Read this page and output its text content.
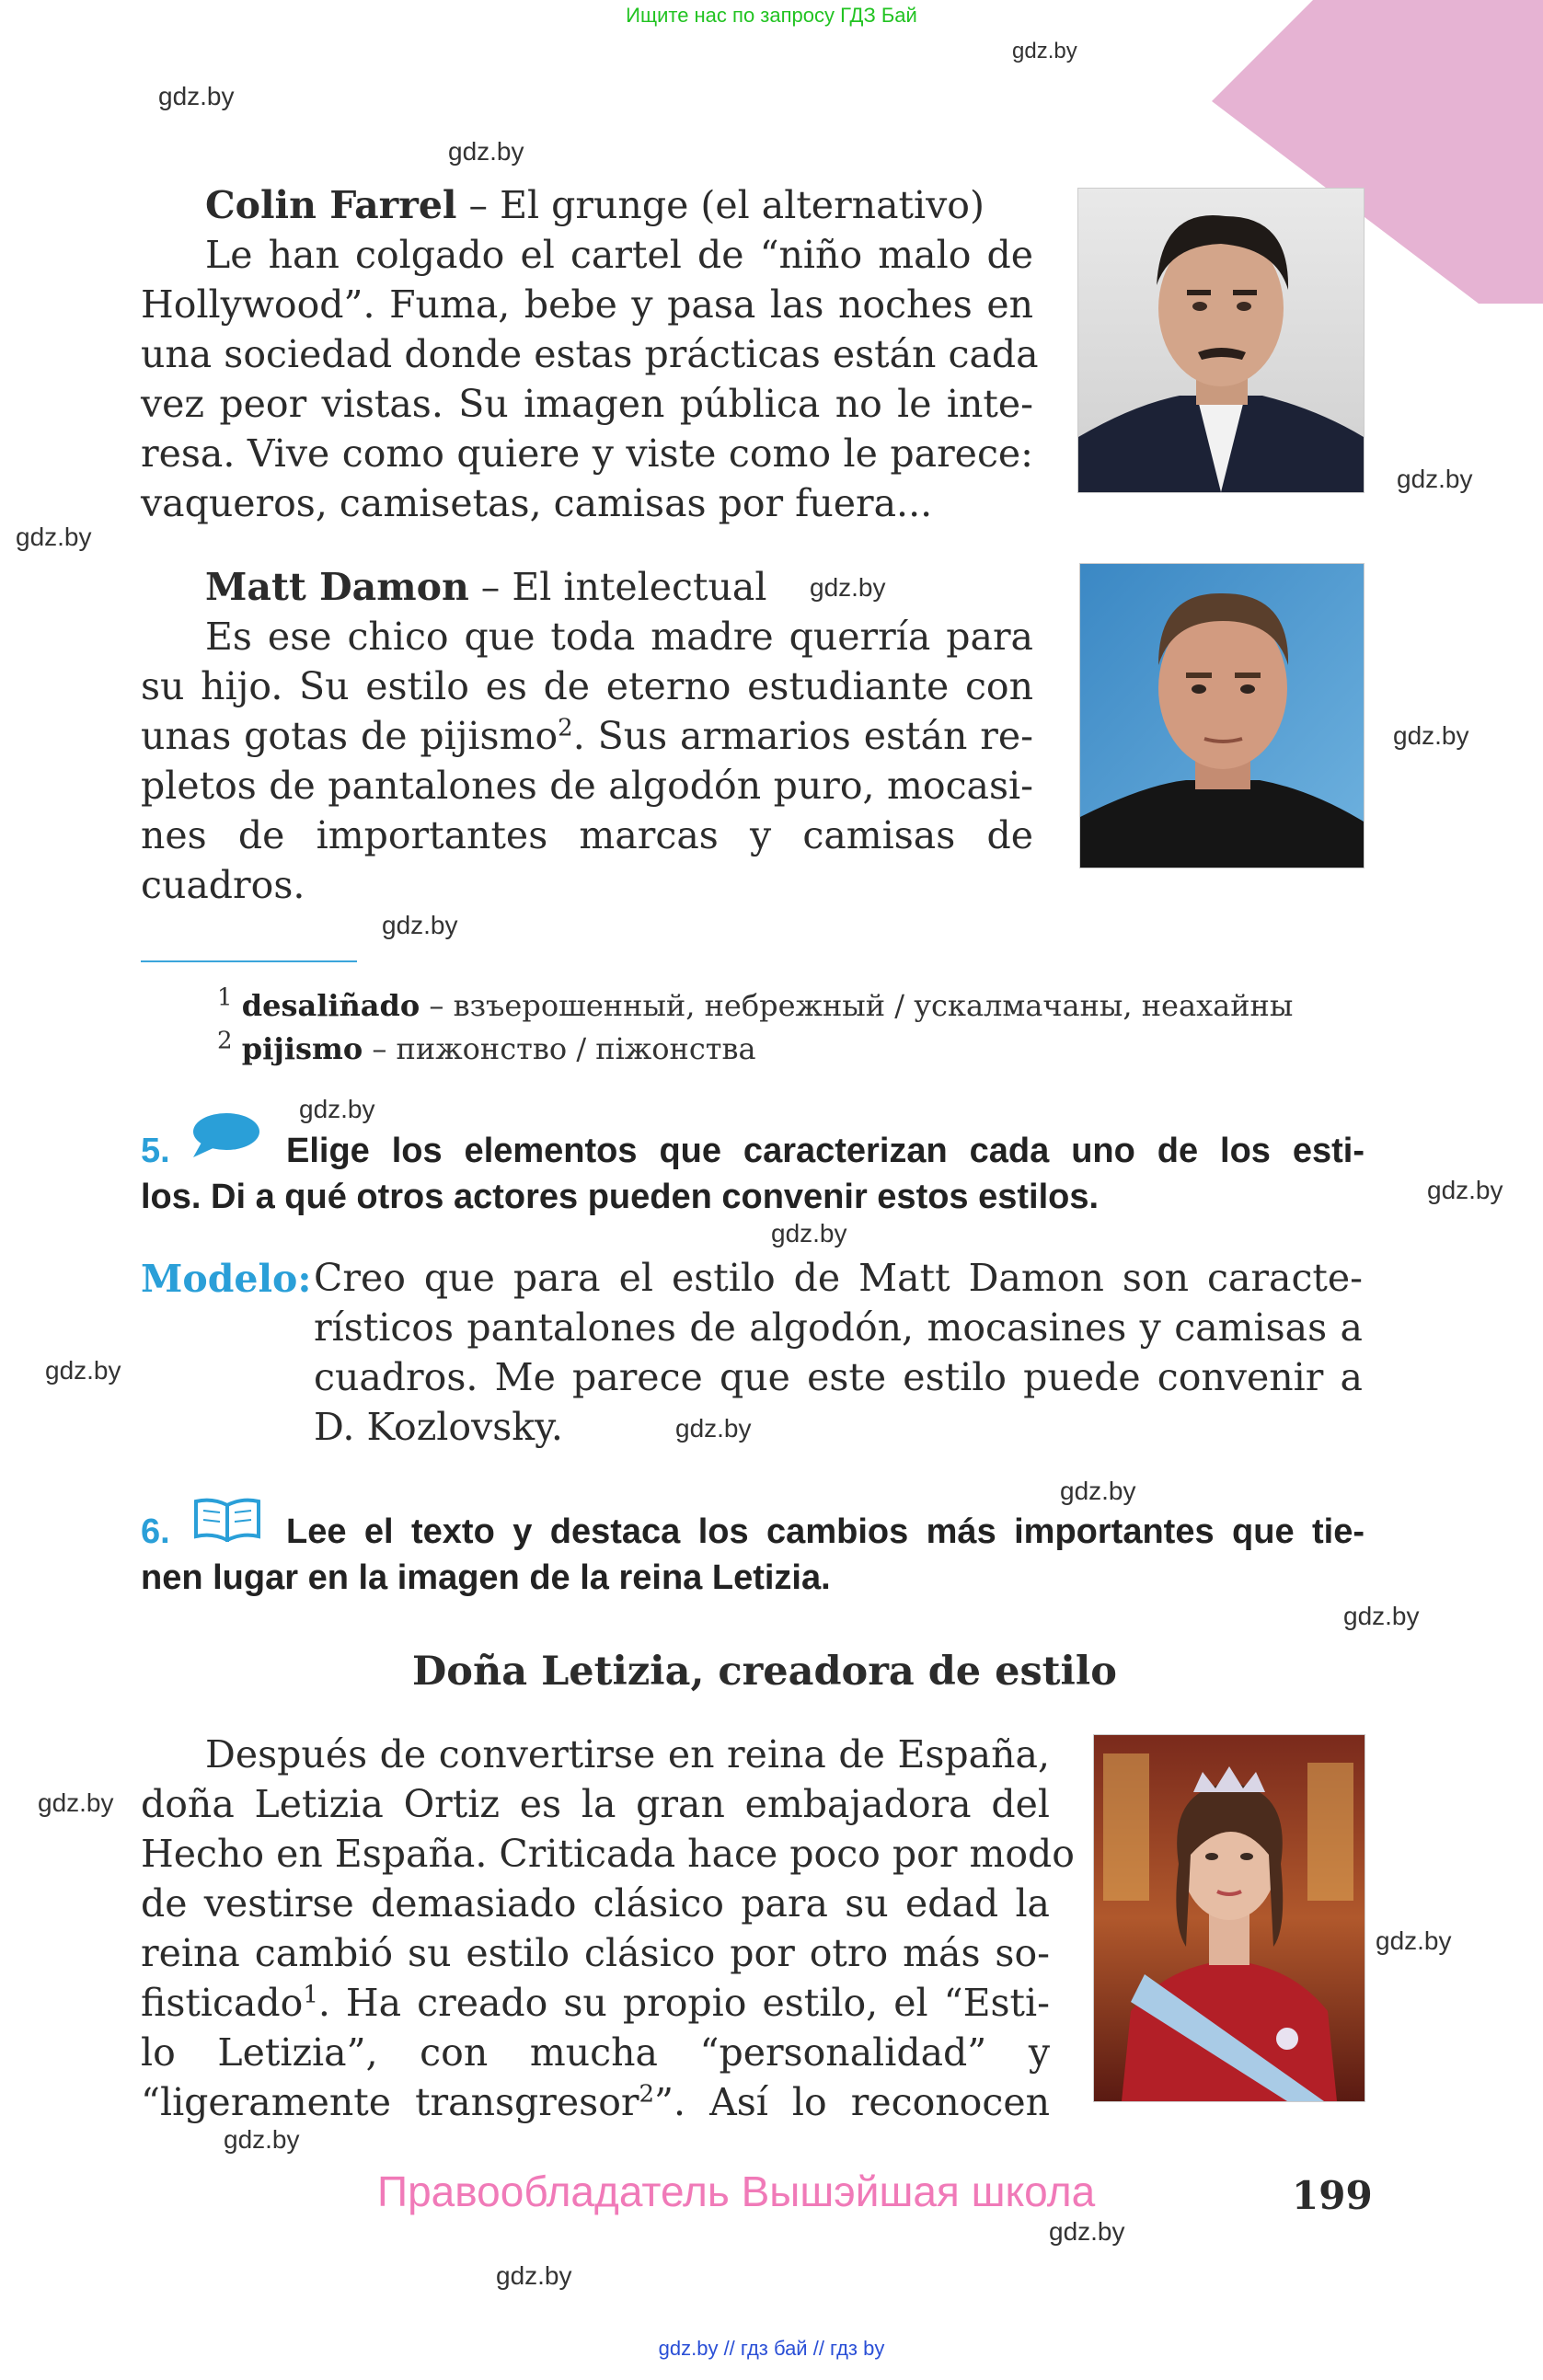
Ищите нас по запросу ГДЗ Бай
Colin Farrel – El grunge (el alternativo)
Le han colgado el cartel de “niño malo de
Hollywood”. Fuma, bebe y pasa las noches en
una sociedad donde estas prácticas están cada
vez peor vistas. Su imagen pública no le inte-
resa. Vive como quiere y viste como le parece:
vaqueros, camisetas, camisas por fuera...
Matt Damon – El intelectual
Es ese chico que toda madre querría para
su hijo. Su estilo es de eterno estudiante con
unas gotas de pijismo$^2$. Sus armarios están re-
pletos de pantalones de algodón puro, mocasi-
nes de importantes marcas y camisas de
cuadros.
$^1$ desaliñado – взъерошенный, небрежный / ускалмачаны, неахайны
$^2$ pijismo – пижонство / піжонства
5.	Elige los elementos que caracterizan cada uno de los esti-
los. Di a qué otros actores pueden convenir estos estilos.
Modelo: Creo que para el estilo de Matt Damon son caracte-
rísticos pantalones de algodón, mocasines y camisas a
cuadros. Me parece que este estilo puede convenir a
D. Kozlovsky.
6.	Lee el texto y destaca los cambios más importantes que tie-
nen lugar en la imagen de la reina Letizia.
Doña Letizia, creadora de estilo
Después de convertirse en reina de España,
doña Letizia Ortiz es la gran embajadora del
Hecho en España. Criticada hace poco por modo
de vestirse demasiado clásico para su edad la
reina cambió su estilo clásico por otro más so-
fisticado$^1$. Ha creado su propio estilo, el “Esti-
lo Letizia”, con mucha “personalidad” y
“ligeramente transgresor$^2$”. Así lo reconocen
Правообладатель Вышэйшая школа	199
gdz.by
gdz.by
gdz.by
gdz.by
gdz.by
gdz.by
gdz.by
gdz.by
gdz.by
gdz.by
gdz.by
gdz.by
gdz.by
gdz.by
gdz.by
gdz.by
gdz.by
gdz.by
gdz.by
gdz.by
gdz.by // гдз бай // гдз by
